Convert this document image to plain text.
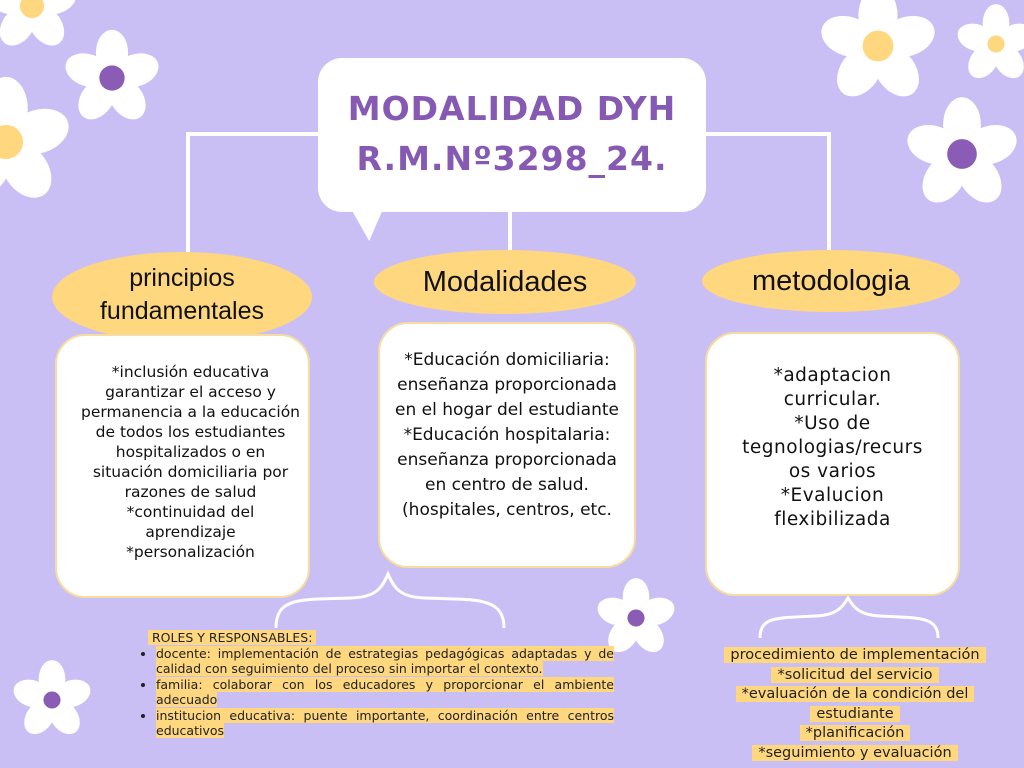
MODALIDAD DYH
R.M.Nº3298_24.
principios
fundamentales
*inclusión educativa
garantizar el acceso y
permanencia a la educación
de todos los estudiantes
hospitalizados o en
situación domiciliaria por
razones de salud
*continuidad del
aprendizaje
*personalización
Modalidades
*Educación domiciliaria:
enseñanza proporcionada
en el hogar del estudiante
*Educación hospitalaria:
enseñanza proporcionada
en centro de salud.
(hospitales, centros, etc.
metodologia
*adaptacion
curricular.
*Uso de
tegnologias/recurs
os varios
*Evalucion
flexibilizada
ROLES Y RESPONSABLES:
• docente: implementación de estrategias pedagógicas adaptadas y de calidad con seguimiento del proceso sin importar el contexto.
• familia: colaborar con los educadores y proporcionar el ambiente adecuado
• institucion educativa: puente importante, coordinación entre centros educativos
procedimiento de implementación
*solicitud del servicio
*evaluación de la condición del
estudiante
*planificación
*seguimiento y evaluación
